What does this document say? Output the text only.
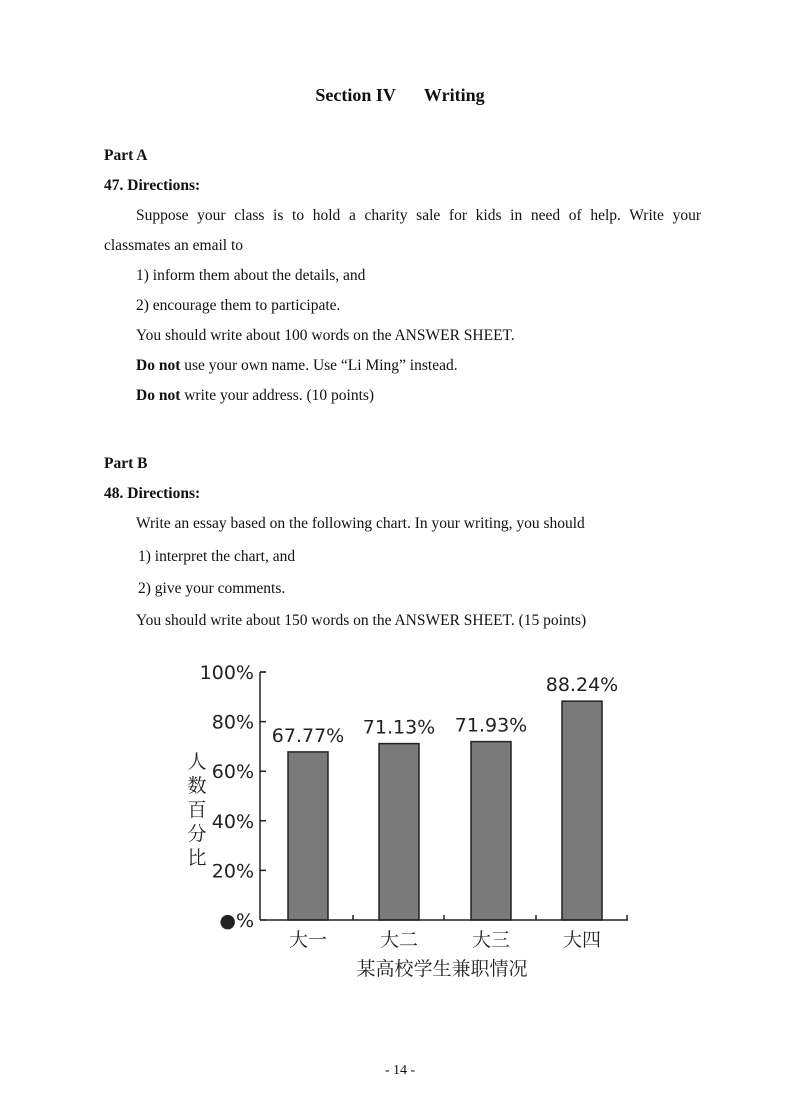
Section IV Writing
Part A
47. Directions:
Suppose your class is to hold a charity sale for kids in need of help. Write your
classmates an email to
1) inform them about the details, and
2) encourage them to participate.
You should write about 100 words on the ANSWER SHEET.
Do not use your own name. Use “Li Ming” instead.
Do not write your address. (10 points)
Part B
48. Directions:
Write an essay based on the following chart. In your writing, you should
1) interpret the chart, and
2) give your comments.
You should write about 150 words on the ANSWER SHEET. (15 points)
人
数
百
分
比
●%
20%
40%
60%
80%
100%
67.77% 71.13% 71.93%
88.24%
大一	大二	大三	大四
某高校学生兼职情况
- 14 -
